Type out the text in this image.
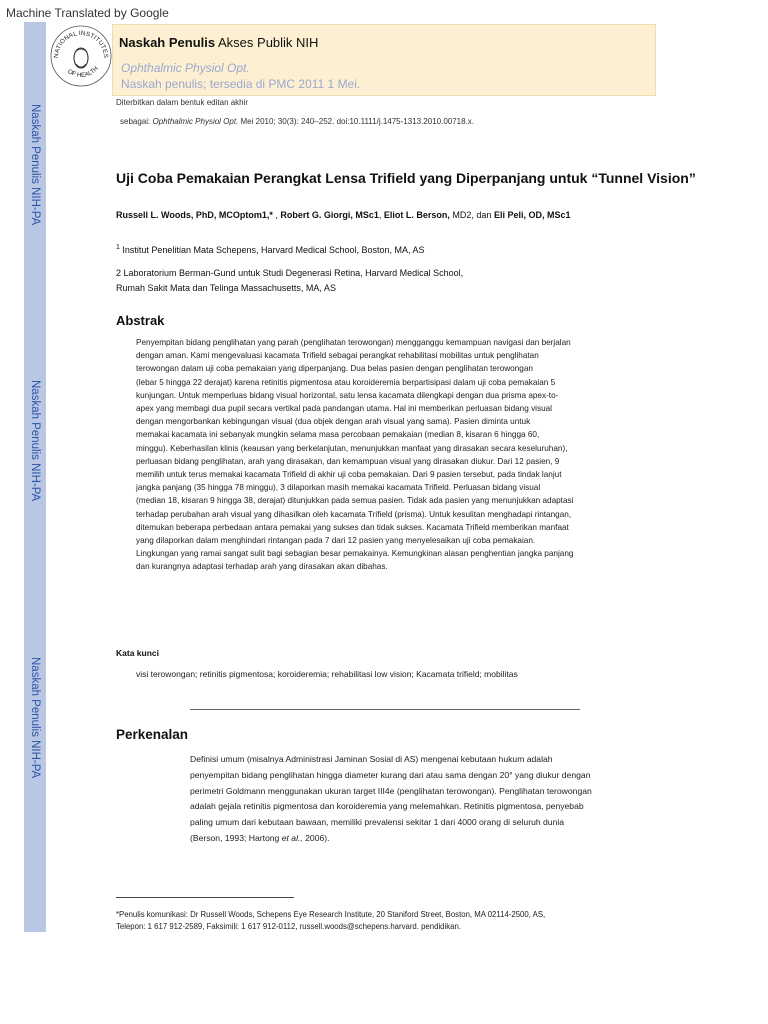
Machine Translated by Google
Naskah Penulis NIH-PA
Naskah Penulis NIH-PA
Naskah Penulis NIH-PA
NATIONAL INSTITUTES
OF HEALTH
Naskah Penulis Akses Publik NIH
Ophthalmic Physiol Opt.
Naskah penulis; tersedia di PMC 2011 1 Mei.
Diterbitkan dalam bentuk editan akhir
sebagai: Ophthalmic Physiol Opt. Mei 2010; 30(3): 240–252. doi:10.1111/j.1475-1313.2010.00718.x.
Uji Coba Pemakaian Perangkat Lensa Trifield yang Diperpanjang untuk “Tunnel Vision”
Russell L. Woods, PhD, MCOptom1,* , Robert G. Giorgi, MSc1, Eliot L. Berson, MD2, dan Eli Peli, OD, MSc1
$^1$ Institut Penelitian Mata Schepens, Harvard Medical School, Boston, MA, AS
2 Laboratorium Berman-Gund untuk Studi Degenerasi Retina, Harvard Medical School,
Rumah Sakit Mata dan Telinga Massachusetts, MA, AS
Abstrak
Penyempitan bidang penglihatan yang parah (penglihatan terowongan) mengganggu kemampuan navigasi dan berjalan
dengan aman. Kami mengevaluasi kacamata Trifield sebagai perangkat rehabilitasi mobilitas untuk penglihatan
terowongan dalam uji coba pemakaian yang diperpanjang. Dua belas pasien dengan penglihatan terowongan
(lebar 5 hingga 22 derajat) karena retinitis pigmentosa atau koroideremia berpartisipasi dalam uji coba pemakaian 5
kunjungan. Untuk memperluas bidang visual horizontal, satu lensa kacamata dilengkapi dengan dua prisma apex-to-
apex yang membagi dua pupil secara vertikal pada pandangan utama. Hal ini memberikan perluasan bidang visual
dengan mengorbankan kebingungan visual (dua objek dengan arah visual yang sama). Pasien diminta untuk
memakai kacamata ini sebanyak mungkin selama masa percobaan pemakaian (median 8, kisaran 6 hingga 60,
minggu). Keberhasilan klinis (keausan yang berkelanjutan, menunjukkan manfaat yang dirasakan secara keseluruhan),
perluasan bidang penglihatan, arah yang dirasakan, dan kemampuan visual yang dirasakan diukur. Dari 12 pasien, 9
memilih untuk terus memakai kacamata Trifield di akhir uji coba pemakaian. Dari 9 pasien tersebut, pada tindak lanjut
jangka panjang (35 hingga 78 minggu), 3 dilaporkan masih memakai kacamata Trifield. Perluasan bidang visual
(median 18, kisaran 9 hingga 38, derajat) ditunjukkan pada semua pasien. Tidak ada pasien yang menunjukkan adaptasi
terhadap perubahan arah visual yang dihasilkan oleh kacamata Trifield (prisma). Untuk kesulitan menghadapi rintangan,
ditemukan beberapa perbedaan antara pemakai yang sukses dan tidak sukses. Kacamata Trifield memberikan manfaat
yang dilaporkan dalam menghindari rintangan pada 7 dari 12 pasien yang menyelesaikan uji coba pemakaian.
Lingkungan yang ramai sangat sulit bagi sebagian besar pemakainya. Kemungkinan alasan penghentian jangka panjang
dan kurangnya adaptasi terhadap arah yang dirasakan akan dibahas.
Kata kunci
visi terowongan; retinitis pigmentosa; koroideremia; rehabilitasi low vision; Kacamata trifield; mobilitas
Perkenalan
Definisi umum (misalnya Administrasi Jaminan Sosial di AS) mengenai kebutaan hukum adalah
penyempitan bidang penglihatan hingga diameter kurang dari atau sama dengan 20° yang diukur dengan
perimetri Goldmann menggunakan ukuran target III4e (penglihatan terowongan). Penglihatan terowongan
adalah gejala retinitis pigmentosa dan koroideremia yang melemahkan. Retinitis pigmentosa, penyebab
paling umum dari kebutaan bawaan, memiliki prevalensi sekitar 1 dari 4000 orang di seluruh dunia
(Berson, 1993; Hartong et al., 2006).
*Penulis komunikasi: Dr Russell Woods, Schepens Eye Research Institute, 20 Staniford Street, Boston, MA 02114-2500, AS,
Telepon: 1 617 912-2589, Faksimili: 1 617 912-0112, russell.woods@schepens.harvard. pendidikan.
